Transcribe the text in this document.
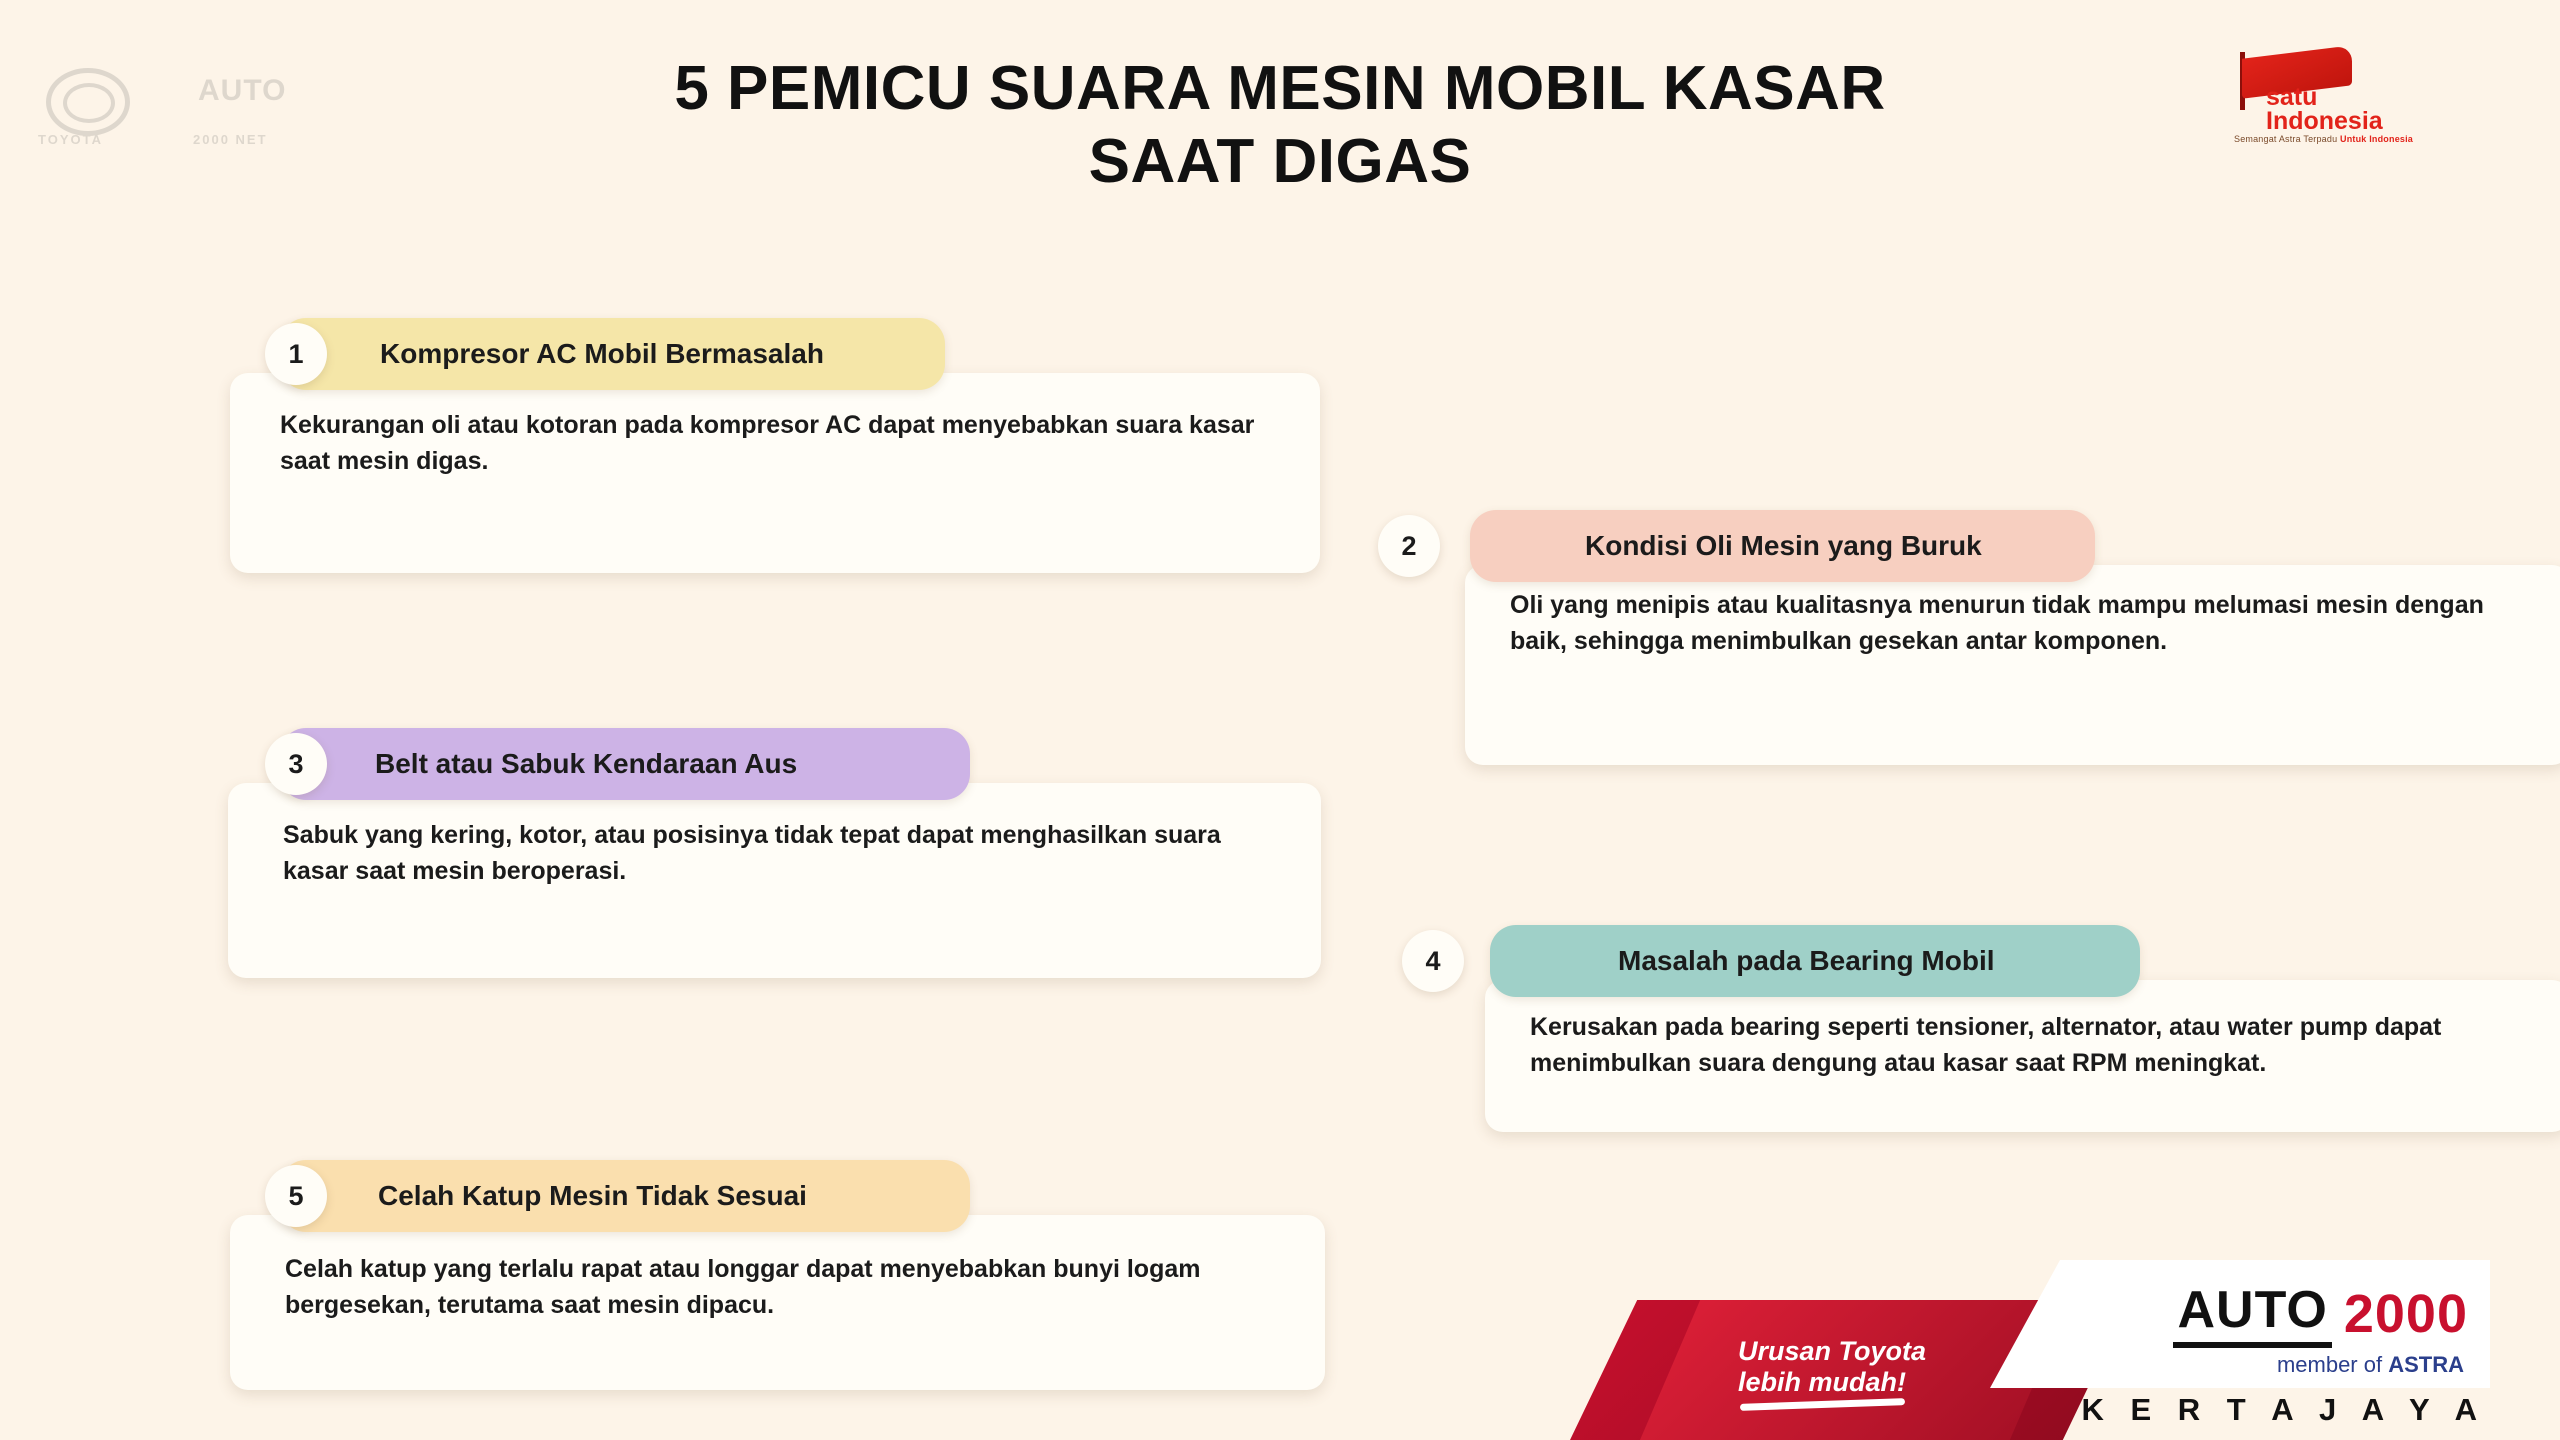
5 PEMICU SUARA MESIN MOBIL KASAR
SAAT DIGAS
TOYOTA
AUTO
2000 NET
satu
Indonesia
Semangat Astra Terpadu Untuk Indonesia
Kekurangan oli atau kotoran pada kompresor AC dapat menyebabkan suara kasar saat mesin digas.
Kompresor AC Mobil Bermasalah
1
Oli yang menipis atau kualitasnya menurun tidak mampu melumasi mesin dengan baik, sehingga menimbulkan gesekan antar komponen.
Kondisi Oli Mesin yang Buruk
2
Sabuk yang kering, kotor, atau posisinya tidak tepat dapat menghasilkan suara kasar saat mesin beroperasi.
Belt atau Sabuk Kendaraan Aus
3
Kerusakan pada bearing seperti tensioner, alternator, atau water pump dapat menimbulkan suara dengung atau kasar saat RPM meningkat.
Masalah pada Bearing Mobil
4
Celah katup yang terlalu rapat atau longgar dapat menyebabkan bunyi logam bergesekan, terutama saat mesin dipacu.
Celah Katup Mesin Tidak Sesuai
5
Urusan Toyota
lebih mudah!
AUTO 2000
member of ASTRA
K E R T A J A Y A
